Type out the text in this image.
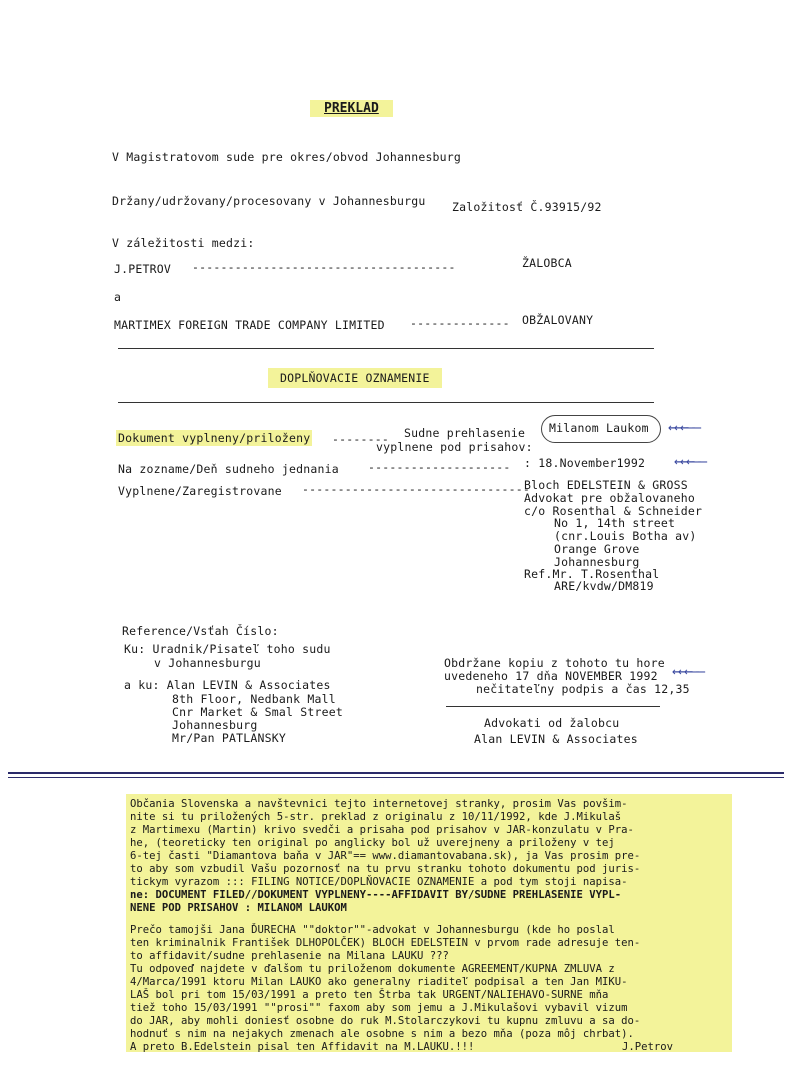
PREKLAD
V Magistratovom sude pre okres/obvod Johannesburg
Držany/udržovany/procesovany v Johannesburgu Založitosť Č.93915/92
V záležitosti medzi:
J.PETROV -------------------------------------	ŽALOBCA
a
MARTIMEX FOREIGN TRADE COMPANY LIMITED -------------- OBŽALOVANY
DOPLŇOVACIE OZNAMENIE
Dokument vyplneny/priloženy -------- Sudne prehlasenie Milanom Laukom ←←←——
vyplnene pod prisahov:
Na zozname/Deň sudneho jednania	-------------------- : 18.November1992 ←←←——
Vyplnene/Zaregistrovane --------------------------------
Bloch EDELSTEIN & GROSS
Advokat pre obžalovaneho
c/o Rosenthal & Schneider
No 1, 14th street
(cnr.Louis Botha av)
Orange Grove
Johannesburg
Ref.Mr. T.Rosenthal
ARE/kvdw/DM819
Reference/Vsťah Číslo:
Ku: Uradnik/Pisateľ toho sudu
v Johannesburgu
a ku: Alan LEVIN & Associates
8th Floor, Nedbank Mall
Cnr Market & Smal Street
Johannesburg
Mr/Pan PATLANSKY
Obdržane kopiu z tohoto tu hore
uvedeneho 17 dňa NOVEMBER 1992 ←←←——
nečitateľny podpis a čas 12,35
Advokati od žalobcu
Alan LEVIN & Associates
Občania Slovenska a navštevnici tejto internetovej stranky, prosim Vas povšim-
nite si tu priložených 5-str. preklad z originalu z 10/11/1992, kde J.Mikulaš
z Martimexu (Martin) krivo svedči a prisaha pod prisahov v JAR-konzulatu v Pra-
he, (teoreticky ten original po anglicky bol už uverejneny a priloženy v tej
6-tej časti "Diamantova baňa v JAR"== www.diamantovabana.sk), ja Vas prosim pre-
to aby som vzbudil Vašu pozornosť na tu prvu stranku tohoto dokumentu pod juris-
tickym vyrazom ::: FILING NOTICE/DOPLŇOVACIE OZNAMENIE a pod tym stoji napisa-
ne: DOCUMENT FILED//DOKUMENT VYPLNENY----AFFIDAVIT BY/SUDNE PREHLASENIE VYPL-
NENE POD PRISAHOV : MILANOM LAUKOM
Prečo tamojši Jana ĎURECHA ""doktor""-advokat v Johannesburgu (kde ho poslal
ten kriminalnik František DLHOPOLČEK) BLOCH EDELSTEIN v prvom rade adresuje ten-
to affidavit/sudne prehlasenie na Milana LAUKU ???
Tu odpoveď najdete v ďalšom tu priloženom dokumente AGREEMENT/KUPNA ZMLUVA z
4/Marca/1991 ktoru Milan LAUKO ako generalny riaditeľ podpisal a ten Jan MIKU-
LAŠ bol pri tom 15/03/1991 a preto ten Štrba tak URGENT/NALIEHAVO-SURNE mňa
tiež toho 15/03/1991 ""prosi"" faxom aby som jemu a J.Mikulašovi vybavil vizum
do JAR, aby mohli doniesť osobne do ruk M.Stolarczykovi tu kupnu zmluvu a sa do-
hodnuť s nim na nejakych zmenach ale osobne s nim a bezo mňa (poza môj chrbat).
A preto B.Edelstein pisal ten Affidavit na M.LAUKU.!!!	J.Petrov
